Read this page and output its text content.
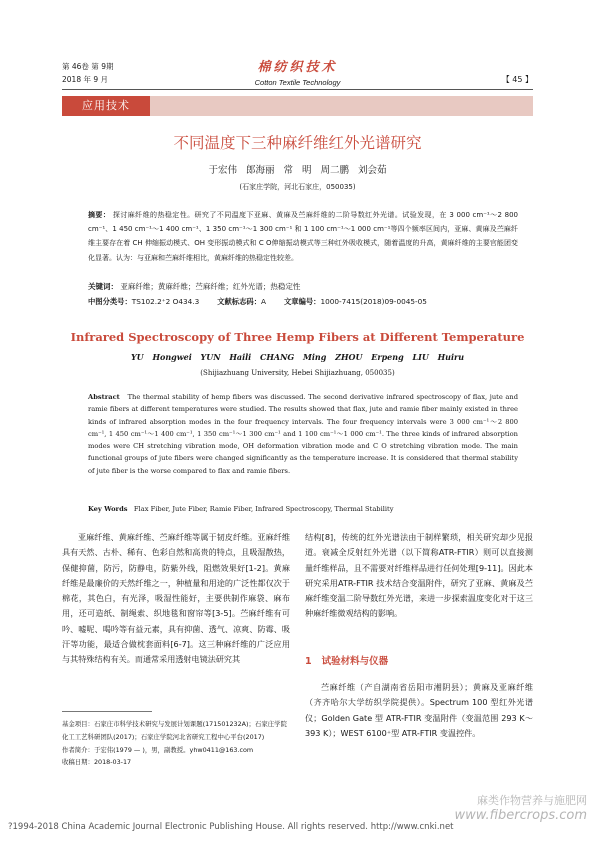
第 46卷 第 9期
2018 年 9 月
棉纺织技术
Cotton Textile Technology	【 45 】
应用技术
不同温度下三种麻纤维红外光谱研究
于宏伟 郎海丽 常 明 周二鹏 刘会茹
(石家庄学院，河北石家庄，050035)
摘要： 探讨麻纤维的热稳定性。研究了不同温度下亚麻、黄麻及苎麻纤维的二阶导数红外光谱。试验发现，在 3 000 cm⁻¹～2 800 cm⁻¹、1 450 cm⁻¹～1 400 cm⁻¹、1 350 cm⁻¹～1 300 cm⁻¹ 和 1 100 cm⁻¹～1 000 cm⁻¹等四个频率区间内，亚麻、黄麻及苎麻纤维主要存在着 CH 伸缩振动模式、OH 变形振动模式和 C O伸缩振动模式等三种红外吸收模式，随着温度的升高，黄麻纤维的主要官能团变化显著。认为：与亚麻和苎麻纤维相比，黄麻纤维的热稳定性较差。
关键词： 亚麻纤维；黄麻纤维；苎麻纤维；红外光谱；热稳定性
中图分类号：TS102.2⁺2 O434.3 文献标志码：A 文章编号：1000-7415(2018)09-0045-05
Infrared Spectroscopy of Three Hemp Fibers at Different Temperature
YU Hongwei YUN Haili CHANG Ming ZHOU Erpeng LIU Huiru
(Shijiazhuang University, Hebei Shijiazhuang, 050035)
Abstract The thermal stability of hemp fibers was discussed. The second derivative infrared spectroscopy of flax, jute and ramie fibers at different temperatures were studied. The results showed that flax, jute and ramie fiber mainly existed in three kinds of infrared absorption modes in the four frequency intervals. The four frequency intervals were 3 000 cm⁻¹～2 800 cm⁻¹, 1 450 cm⁻¹～1 400 cm⁻¹, 1 350 cm⁻¹～1 300 cm⁻¹ and 1 100 cm⁻¹～1 000 cm⁻¹. The three kinds of infrared absorption modes were CH stretching vibration mode, OH deformation vibration mode and C O stretching vibration mode. The main functional groups of jute fibers were changed significantly as the temperature increase. It is considered that thermal stability of jute fiber is the worse compared to flax and ramie fibers.
Key Words Flax Fiber, Jute Fiber, Ramie Fiber, Infrared Spectroscopy, Thermal Stability
亚麻纤维、黄麻纤维、苎麻纤维等属于韧皮纤维。亚麻纤维具有天然、古朴、稀有、色彩自然和高贵的特点，且吸湿散热，保健抑菌，防污，防静电，防紫外线，阻燃效果好[1-2]。黄麻纤维是最廉价的天然纤维之一，种植量和用途的广泛性都仅次于棉花，其色白，有光泽，吸湿性能好，主要供制作麻袋、麻布用，还可造纸、制绳索、织地毯和窗帘等[3-5]。苎麻纤维有可吟、嘘呢、喝吟等有益元素，具有抑菌、透气、凉爽、防霉、吸汗等功能，最适合做枕套面料[6-7]。这三种麻纤维的广泛应用与其特殊结构有关。而通常采用透射电镜法研究其
结构[8]，传统的红外光谱法由于制样繁琐，相关研究却少见报道。衰减全反射红外光谱（以下简称ATR-FTIR）则可以直接测量纤维样品，且不需要对纤维样品进行任何处理[9-11]。因此本研究采用ATR-FTIR 技术结合变温附件，研究了亚麻、黄麻及苎麻纤维变温二阶导数红外光谱，来进一步探索温度变化对于这三种麻纤维微观结构的影响。
1 试验材料与仪器
苎麻纤维（产自湖南省岳阳市湘阴县）；黄麻及亚麻纤维（齐齐哈尔大学纺织学院提供）。Spectrum 100 型红外光谱仪；Golden Gate 型 ATR-FTIR 变温附件（变温范围 293 K～393 K）；WEST 6100⁺型 ATR-FTIR 变温控件。
基金项目：石家庄市科学技术研究与发展计划课题(171501232A)；石家庄学院化工工艺科研团队(2017)；石家庄学院河北省研究工程中心平台(2017)
作者简介：于宏伟(1979 — )，男，副教授。yhw0411@163.com
收稿日期：2018-03-17
麻类作物营养与施肥网
www.fibercrops.com
?1994-2018 China Academic Journal Electronic Publishing House. All rights reserved. http://www.cnki.net
